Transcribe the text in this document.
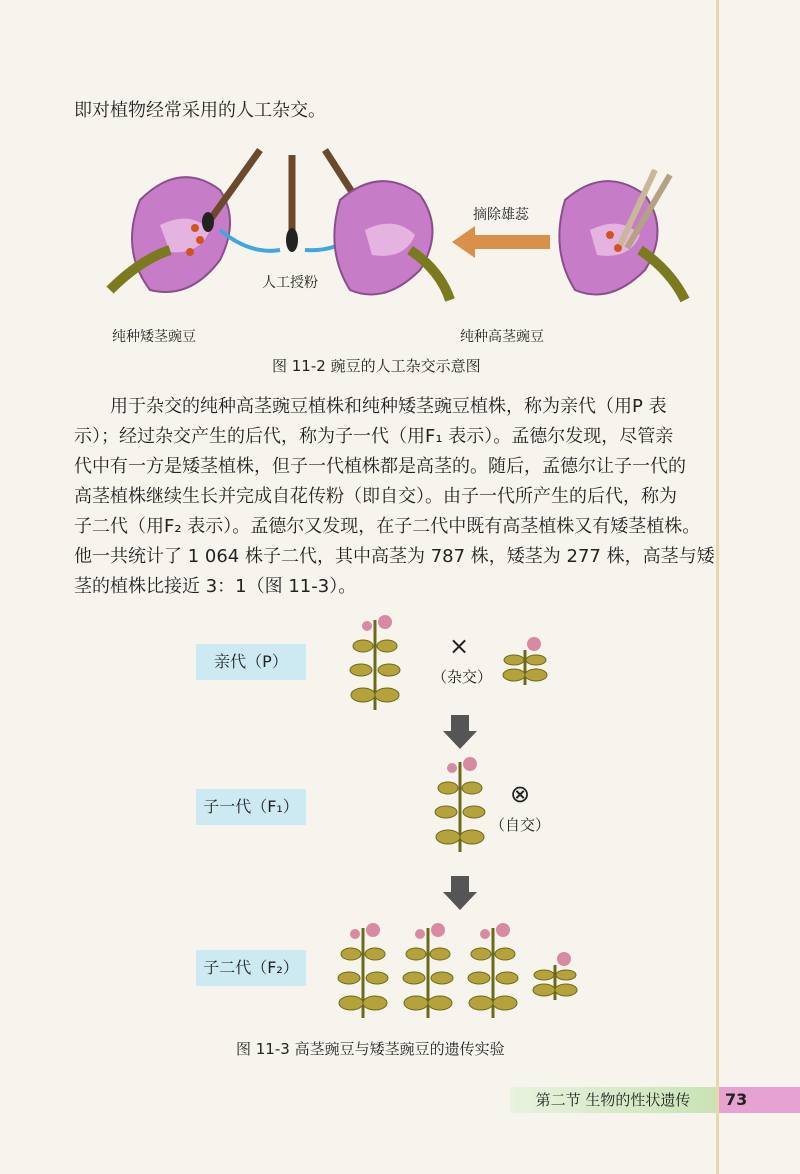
即对植物经常采用的人工杂交。
摘除雄蕊
人工授粉
纯种矮茎豌豆	纯种高茎豌豆
图 11-2 豌豆的人工杂交示意图
用于杂交的纯种高茎豌豆植株和纯种矮茎豌豆植株，称为亲代（用P 表
示）；经过杂交产生的后代，称为子一代（用F₁ 表示）。孟德尔发现，尽管亲
代中有一方是矮茎植株，但子一代植株都是高茎的。随后，孟德尔让子一代的
高茎植株继续生长并完成自花传粉（即自交）。由子一代所产生的后代，称为
子二代（用F₂ 表示）。孟德尔又发现，在子二代中既有高茎植株又有矮茎植株。
他一共统计了 1 064 株子二代，其中高茎为 787 株，矮茎为 277 株，高茎与矮
茎的植株比接近 3：1（图 11-3）。
亲代（P）
子一代（F₁）
子二代（F₂）
×
（杂交）
⊗
（自交）
图 11-3 高茎豌豆与矮茎豌豆的遗传实验
第二节 生物的性状遗传	73
